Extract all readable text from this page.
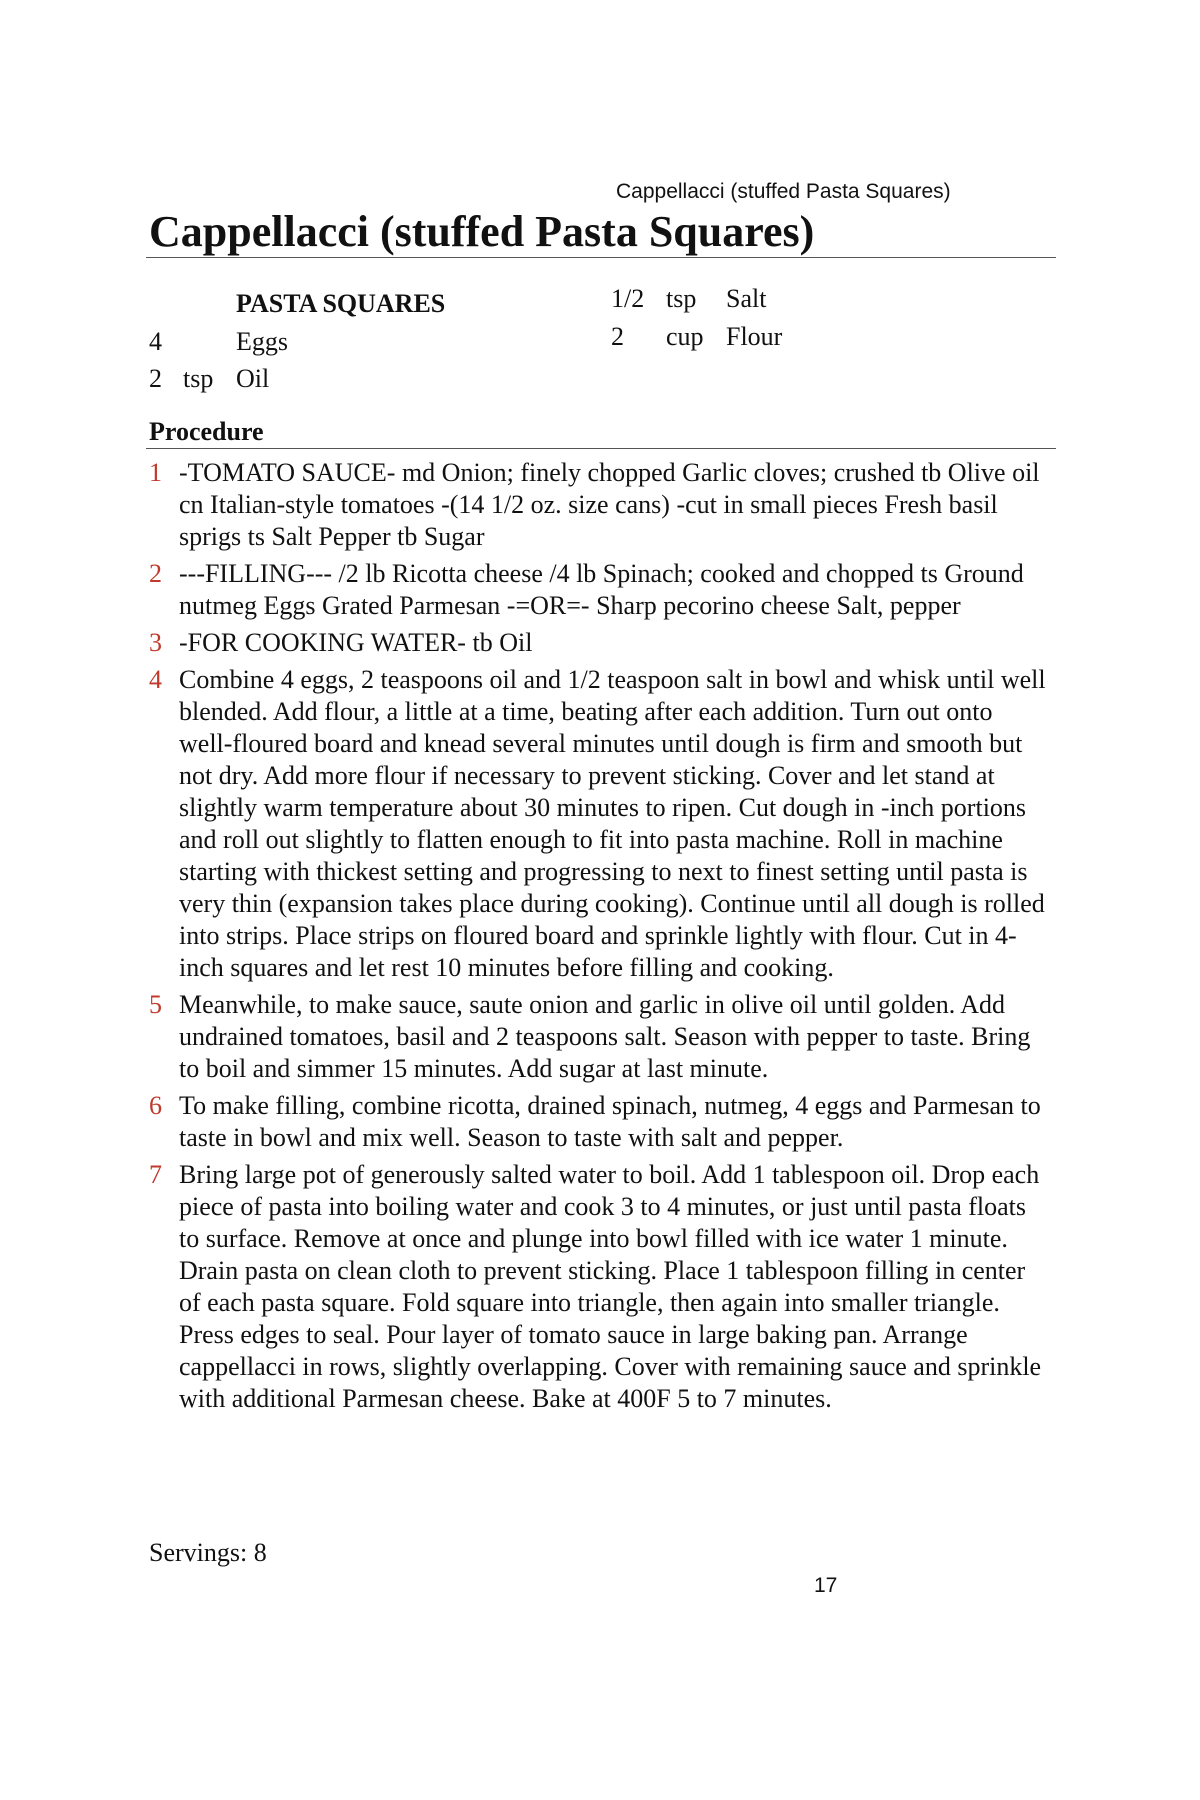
Cappellacci (stuffed Pasta Squares)
Cappellacci (stuffed Pasta Squares)
PASTA SQUARES
4	Eggs
2 tsp Oil
1/2 tsp Salt
2 cup Flour
Procedure
1 -TOMATO SAUCE- md Onion; finely chopped Garlic cloves; crushed tb Olive oil cn Italian-style tomatoes -(14 1/2 oz. size cans) -cut in small pieces Fresh basil sprigs ts Salt Pepper tb Sugar
2 ---FILLING--- /2 lb Ricotta cheese /4 lb Spinach; cooked and chopped ts Ground nutmeg Eggs Grated Parmesan -=OR=- Sharp pecorino cheese Salt, pepper
3 -FOR COOKING WATER- tb Oil
4 Combine 4 eggs, 2 teaspoons oil and 1/2 teaspoon salt in bowl and whisk until well blended. Add flour, a little at a time, beating after each addition. Turn out onto well-floured board and knead several minutes until dough is firm and smooth but not dry. Add more flour if necessary to prevent sticking. Cover and let stand at slightly warm temperature about 30 minutes to ripen. Cut dough in -inch portions and roll out slightly to flatten enough to fit into pasta machine. Roll in machine starting with thickest setting and progressing to next to finest setting until pasta is very thin (expansion takes place during cooking). Continue until all dough is rolled into strips. Place strips on floured board and sprinkle lightly with flour. Cut in 4-inch squares and let rest 10 minutes before filling and cooking.
5 Meanwhile, to make sauce, saute onion and garlic in olive oil until golden. Add undrained tomatoes, basil and 2 teaspoons salt. Season with pepper to taste. Bring to boil and simmer 15 minutes. Add sugar at last minute.
6 To make filling, combine ricotta, drained spinach, nutmeg, 4 eggs and Parmesan to taste in bowl and mix well. Season to taste with salt and pepper.
7 Bring large pot of generously salted water to boil. Add 1 tablespoon oil. Drop each piece of pasta into boiling water and cook 3 to 4 minutes, or just until pasta floats to surface. Remove at once and plunge into bowl filled with ice water 1 minute. Drain pasta on clean cloth to prevent sticking. Place 1 tablespoon filling in center of each pasta square. Fold square into triangle, then again into smaller triangle. Press edges to seal. Pour layer of tomato sauce in large baking pan. Arrange cappellacci in rows, slightly overlapping. Cover with remaining sauce and sprinkle with additional Parmesan cheese. Bake at 400F 5 to 7 minutes.
Servings: 8
17
